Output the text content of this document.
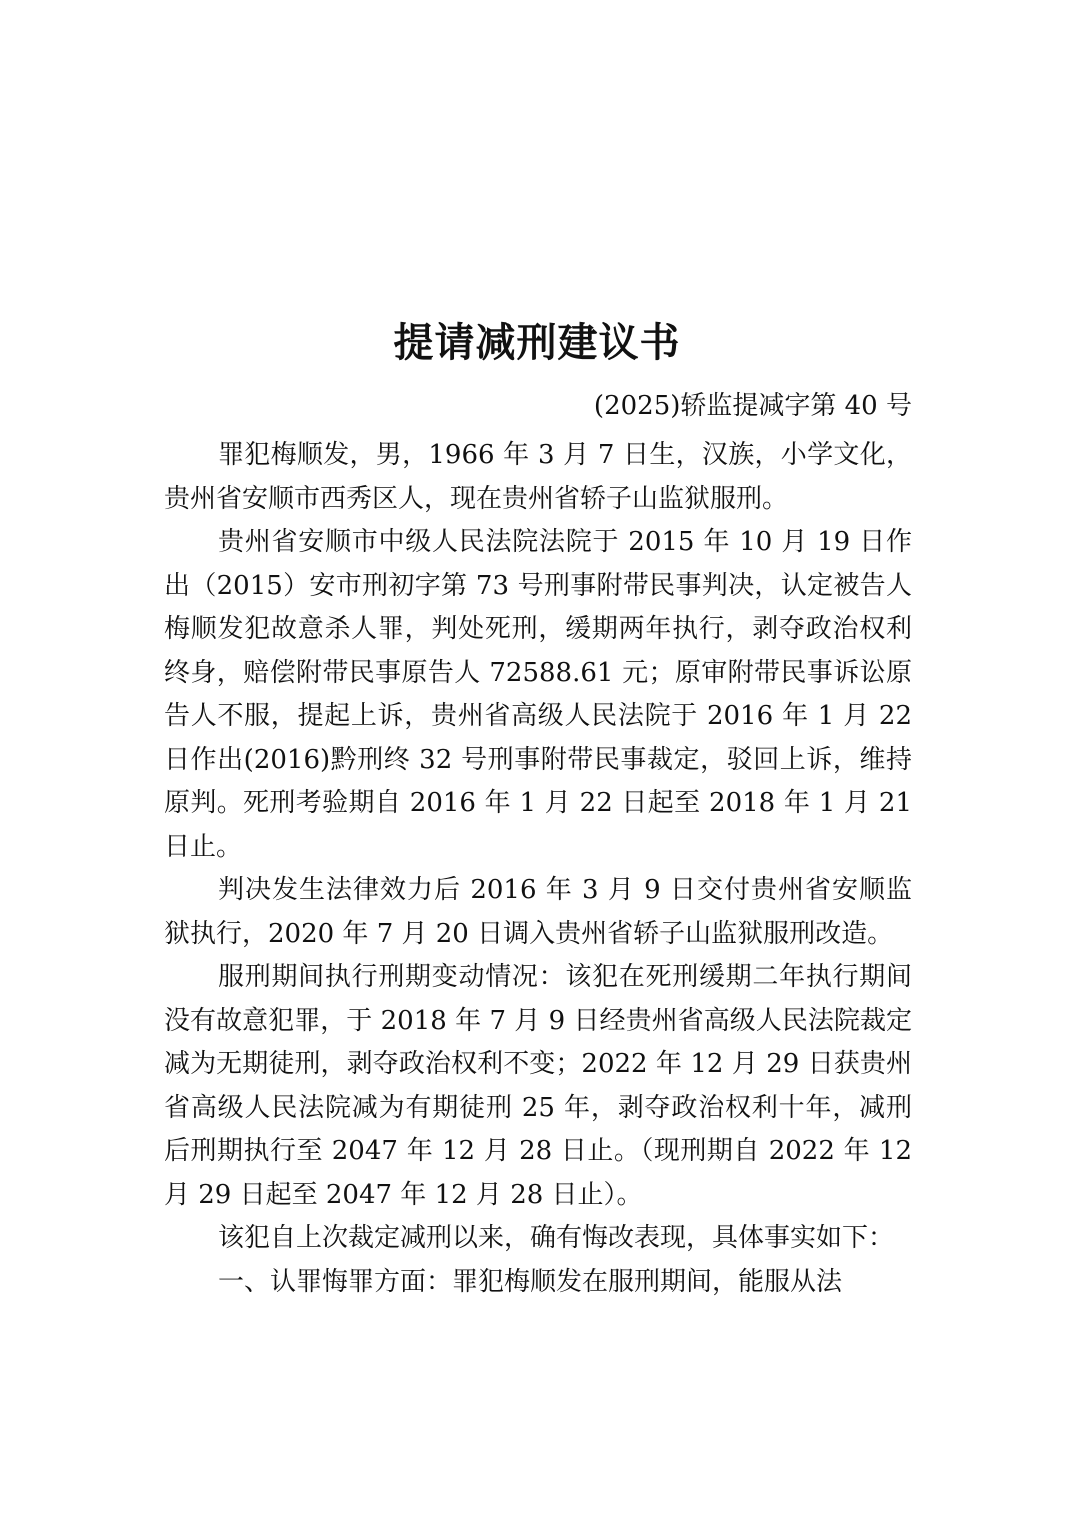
提请减刑建议书
(2025)轿监提减字第 40 号

罪犯梅顺发，男，1966 年 3 月 7 日生，汉族，小学文化，贵州省安顺市西秀区人，现在贵州省轿子山监狱服刑。

贵州省安顺市中级人民法院法院于 2015 年 10 月 19 日作出（2015）安市刑初字第 73 号刑事附带民事判决，认定被告人梅顺发犯故意杀人罪，判处死刑，缓期两年执行，剥夺政治权利终身，赔偿附带民事原告人 72588.61 元；原审附带民事诉讼原告人不服，提起上诉，贵州省高级人民法院于 2016 年 1 月 22 日作出(2016)黔刑终 32 号刑事附带民事裁定，驳回上诉，维持原判。死刑考验期自 2016 年 1 月 22 日起至 2018 年 1 月 21 日止。

判决发生法律效力后 2016 年 3 月 9 日交付贵州省安顺监狱执行，2020 年 7 月 20 日调入贵州省轿子山监狱服刑改造。

服刑期间执行刑期变动情况：该犯在死刑缓期二年执行期间没有故意犯罪，于 2018 年 7 月 9 日经贵州省高级人民法院裁定减为无期徒刑，剥夺政治权利不变；2022 年 12 月 29 日获贵州省高级人民法院减为有期徒刑 25 年，剥夺政治权利十年，减刑后刑期执行至 2047 年 12 月 28 日止。（现刑期自 2022 年 12 月 29 日起至 2047 年 12 月 28 日止）。

该犯自上次裁定减刑以来，确有悔改表现，具体事实如下：

一、认罪悔罪方面：罪犯梅顺发在服刑期间，能服从法
